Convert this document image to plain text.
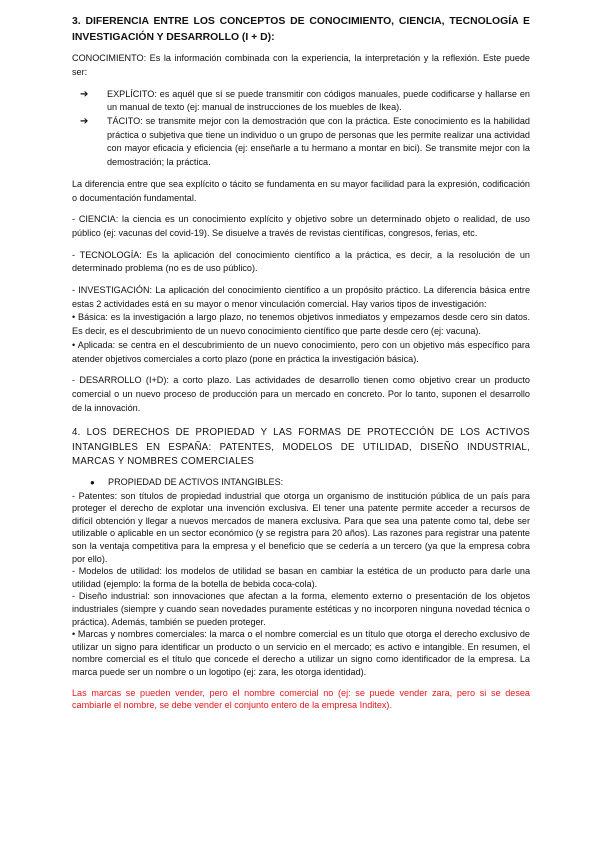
3. DIFERENCIA ENTRE LOS CONCEPTOS DE CONOCIMIENTO, CIENCIA, TECNOLOGÍA E INVESTIGACIÓN Y DESARROLLO (I + D):

CONOCIMIENTO: Es la información combinada con la experiencia, la interpretación y la reflexión. Este puede ser:

➔	EXPLÍCITO: es aquél que sí se puede transmitir con códigos manuales, puede codificarse y hallarse en un manual de texto (ej: manual de instrucciones de los muebles de Ikea).

➔	TÁCITO: se transmite mejor con la demostración que con la práctica. Este conocimiento es la habilidad práctica o subjetiva que tiene un individuo o un grupo de personas que les permite realizar una actividad con mayor eficacia y eficiencia (ej: enseñarle a tu hermano a montar en bici). Se transmite mejor con la demostración; la práctica.

La diferencia entre que sea explícito o tácito se fundamenta en su mayor facilidad para la expresión, codificación o documentación fundamental.

- CIENCIA: la ciencia es un conocimiento explícito y objetivo sobre un determinado objeto o realidad, de uso público (ej: vacunas del covid-19). Se disuelve a través de revistas científicas, congresos, ferias, etc.

- TECNOLOGÍA: Es la aplicación del conocimiento científico a la práctica, es decir, a la resolución de un determinado problema (no es de uso público).

- INVESTIGACIÓN: La aplicación del conocimiento científico a un propósito práctico. La diferencia básica entre estas 2 actividades está en su mayor o menor vinculación comercial. Hay varios tipos de investigación:

• Básica: es la investigación a largo plazo, no tenemos objetivos inmediatos y empezamos desde cero sin datos. Es decir, es el descubrimiento de un nuevo conocimiento científico que parte desde cero (ej: vacuna).

• Aplicada: se centra en el descubrimiento de un nuevo conocimiento, pero con un objetivo más específico para atender objetivos comerciales a corto plazo (pone en práctica la investigación básica).

- DESARROLLO (I+D): a corto plazo. Las actividades de desarrollo tienen como objetivo crear un producto comercial o un nuevo proceso de producción para un mercado en concreto. Por lo tanto, suponen el desarrollo de la innovación.

4. LOS DERECHOS DE PROPIEDAD Y LAS FORMAS DE PROTECCIÓN DE LOS ACTIVOS INTANGIBLES EN ESPAÑA: PATENTES, MODELOS DE UTILIDAD, DISEÑO INDUSTRIAL, MARCAS Y NOMBRES COMERCIALES

●	PROPIEDAD DE ACTIVOS INTANGIBLES:

- Patentes: son títulos de propiedad industrial que otorga un organismo de institución pública de un país para proteger el derecho de explotar una invención exclusiva. El tener una patente permite acceder a recursos de difícil obtención y llegar a nuevos mercados de manera exclusiva. Para que sea una patente como tal, debe ser utilizable o aplicable en un sector económico (y se registra para 20 años). Las razones para registrar una patente son la ventaja competitiva para la empresa y el beneficio que se cedería a un tercero (ya que la empresa cobra por ello).

- Modelos de utilidad: los modelos de utilidad se basan en cambiar la estética de un producto para darle una utilidad (ejemplo: la forma de la botella de bebida coca-cola).

- Diseño industrial: son innovaciones que afectan a la forma, elemento externo o presentación de los objetos industriales (siempre y cuando sean novedades puramente estéticas y no incorporen ninguna novedad técnica o práctica). Además, también se pueden proteger.

• Marcas y nombres comerciales: la marca o el nombre comercial es un título que otorga el derecho exclusivo de utilizar un signo para identificar un producto o un servicio en el mercado; es activo e intangible. En resumen, el nombre comercial es el título que concede el derecho a utilizar un signo como identificador de la empresa. La marca puede ser un nombre o un logotipo (ej: zara, les otorga identidad).

Las marcas se pueden vender, pero el nombre comercial no (ej: se puede vender zara, pero si se desea cambiarle el nombre, se debe vender el conjunto entero de la empresa Inditex).
